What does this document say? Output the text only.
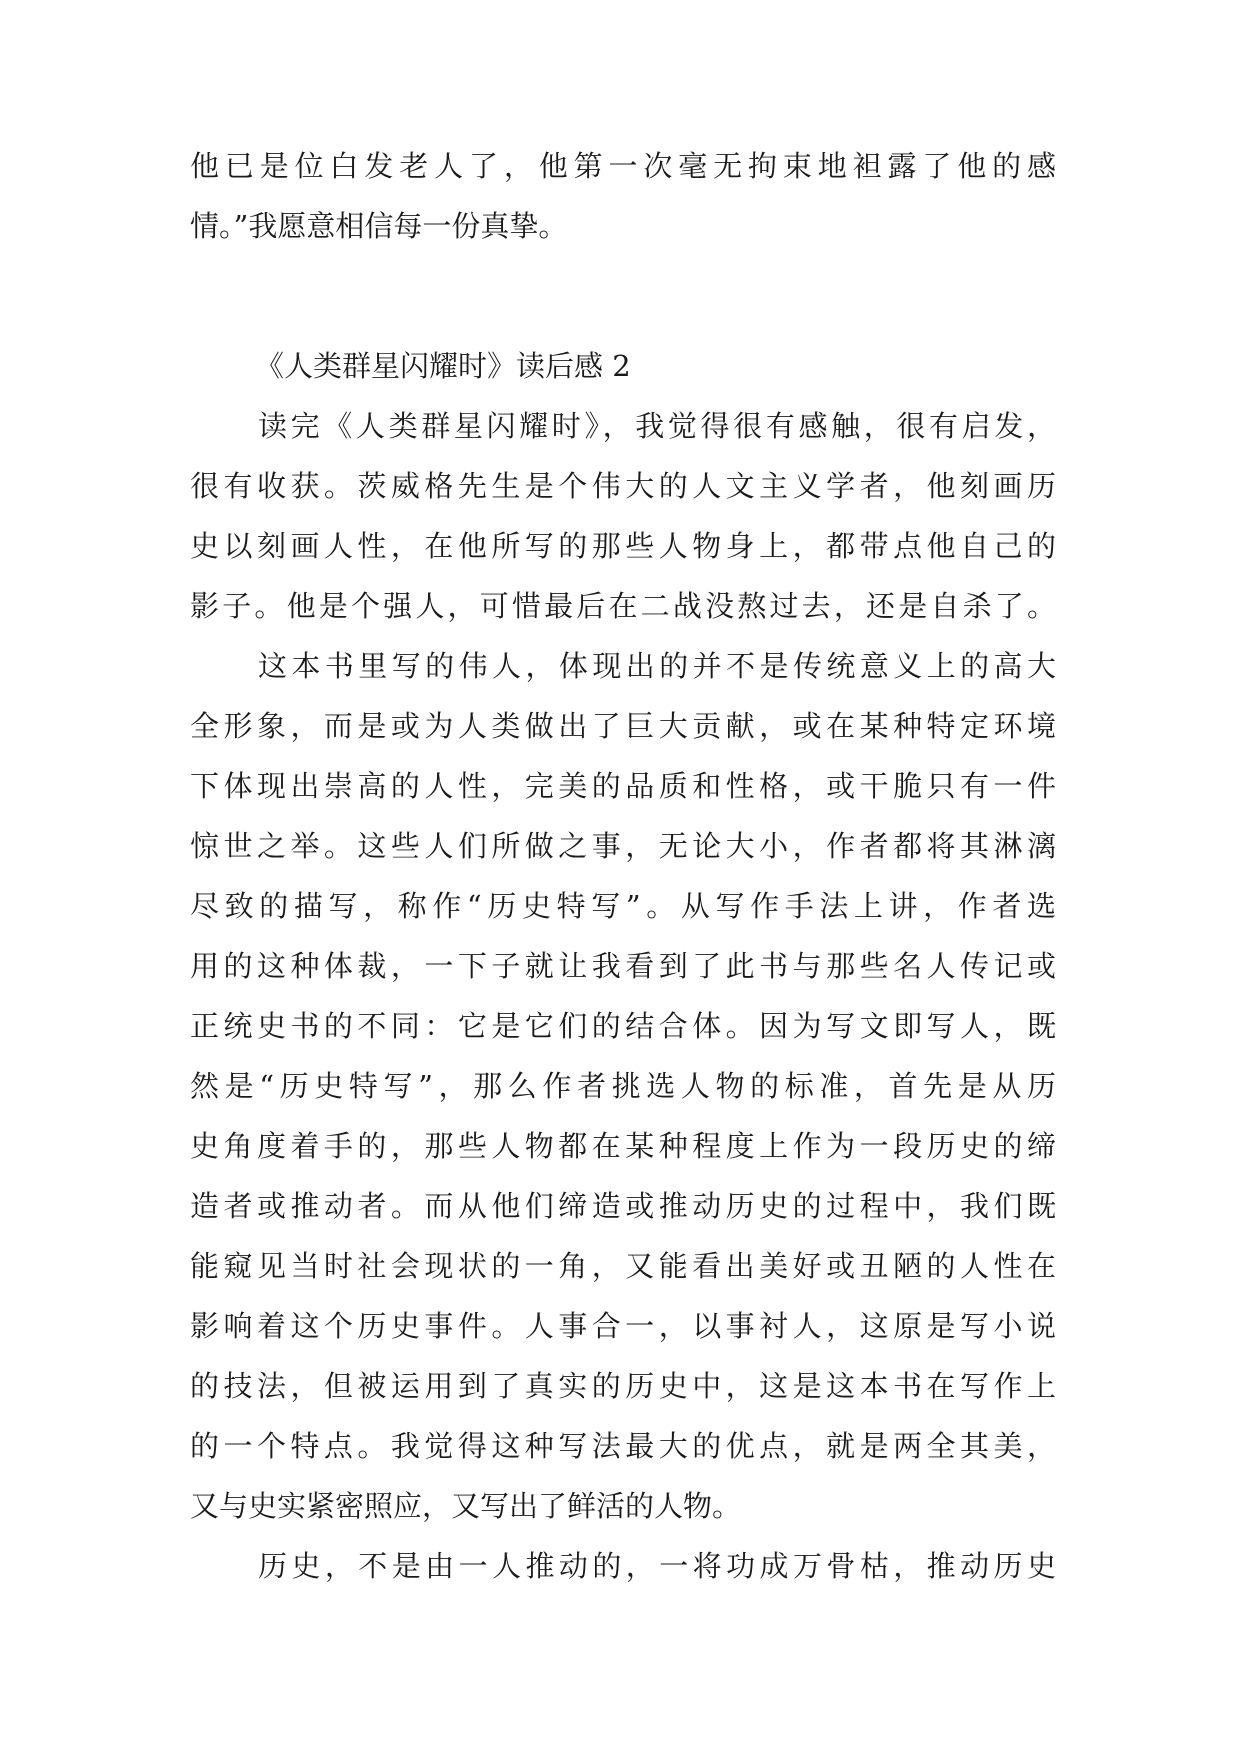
他已是位白发老人了，他第一次毫无拘束地袒露了他的感
情。”我愿意相信每一份真挚。
《人类群星闪耀时》读后感 2
读完《人类群星闪耀时》，我觉得很有感触，很有启发，
很有收获。茨威格先生是个伟大的人文主义学者，他刻画历
史以刻画人性，在他所写的那些人物身上，都带点他自己的
影子。他是个强人，可惜最后在二战没熬过去，还是自杀了。
这本书里写的伟人，体现出的并不是传统意义上的高大
全形象，而是或为人类做出了巨大贡献，或在某种特定环境
下体现出崇高的人性，完美的品质和性格，或干脆只有一件
惊世之举。这些人们所做之事，无论大小，作者都将其淋漓
尽致的描写，称作“历史特写”。从写作手法上讲，作者选
用的这种体裁，一下子就让我看到了此书与那些名人传记或
正统史书的不同：它是它们的结合体。因为写文即写人，既
然是“历史特写”，那么作者挑选人物的标准，首先是从历
史角度着手的，那些人物都在某种程度上作为一段历史的缔
造者或推动者。而从他们缔造或推动历史的过程中，我们既
能窥见当时社会现状的一角，又能看出美好或丑陋的人性在
影响着这个历史事件。人事合一，以事衬人，这原是写小说
的技法，但被运用到了真实的历史中，这是这本书在写作上
的一个特点。我觉得这种写法最大的优点，就是两全其美，
又与史实紧密照应，又写出了鲜活的人物。
历史，不是由一人推动的，一将功成万骨枯，推动历史
